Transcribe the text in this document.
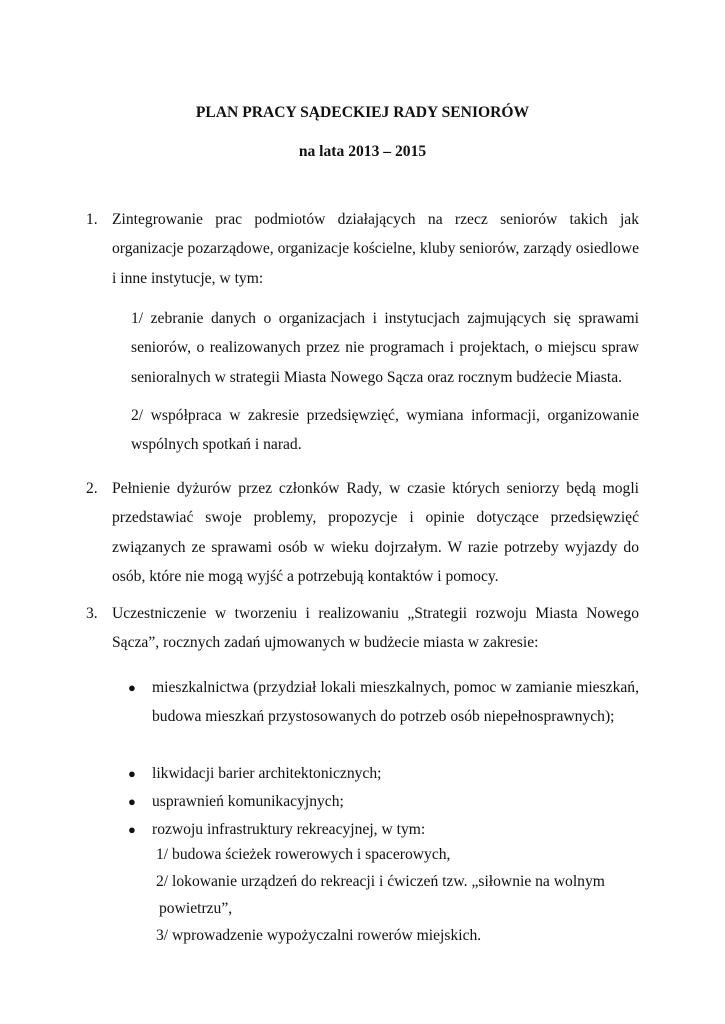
PLAN PRACY SĄDECKIEJ RADY SENIORÓW
na lata 2013 – 2015
1. Zintegrowanie prac podmiotów działających na rzecz seniorów takich jak organizacje pozarządowe, organizacje kościelne, kluby seniorów, zarządy osiedlowe i inne instytucje, w tym:
1/ zebranie danych o organizacjach i instytucjach zajmujących się sprawami seniorów, o realizowanych przez nie programach i projektach, o miejscu spraw senioralnych w strategii Miasta Nowego Sącza oraz rocznym budżecie Miasta.
2/ współpraca w zakresie przedsięwzięć, wymiana informacji, organizowanie wspólnych spotkań i narad.
2. Pełnienie dyżurów przez członków Rady, w czasie których seniorzy będą mogli przedstawiać swoje problemy, propozycje i opinie dotyczące przedsięwzięć związanych ze sprawami osób w wieku dojrzałym. W razie potrzeby wyjazdy do osób, które nie mogą wyjść a potrzebują kontaktów i pomocy.
3. Uczestniczenie w tworzeniu i realizowaniu „Strategii rozwoju Miasta Nowego Sącza”, rocznych zadań ujmowanych w budżecie miasta w zakresie:
● mieszkalnictwa (przydział lokali mieszkalnych, pomoc w zamianie mieszkań, budowa mieszkań przystosowanych do potrzeb osób niepełnosprawnych);
● likwidacji barier architektonicznych;
● usprawnień komunikacyjnych;
● rozwoju infrastruktury rekreacyjnej, w tym:
1/ budowa ścieżek rowerowych i spacerowych,
2/ lokowanie urządzeń do rekreacji i ćwiczeń tzw. „siłownie na wolnym
powietrzu”,
3/ wprowadzenie wypożyczalni rowerów miejskich.
